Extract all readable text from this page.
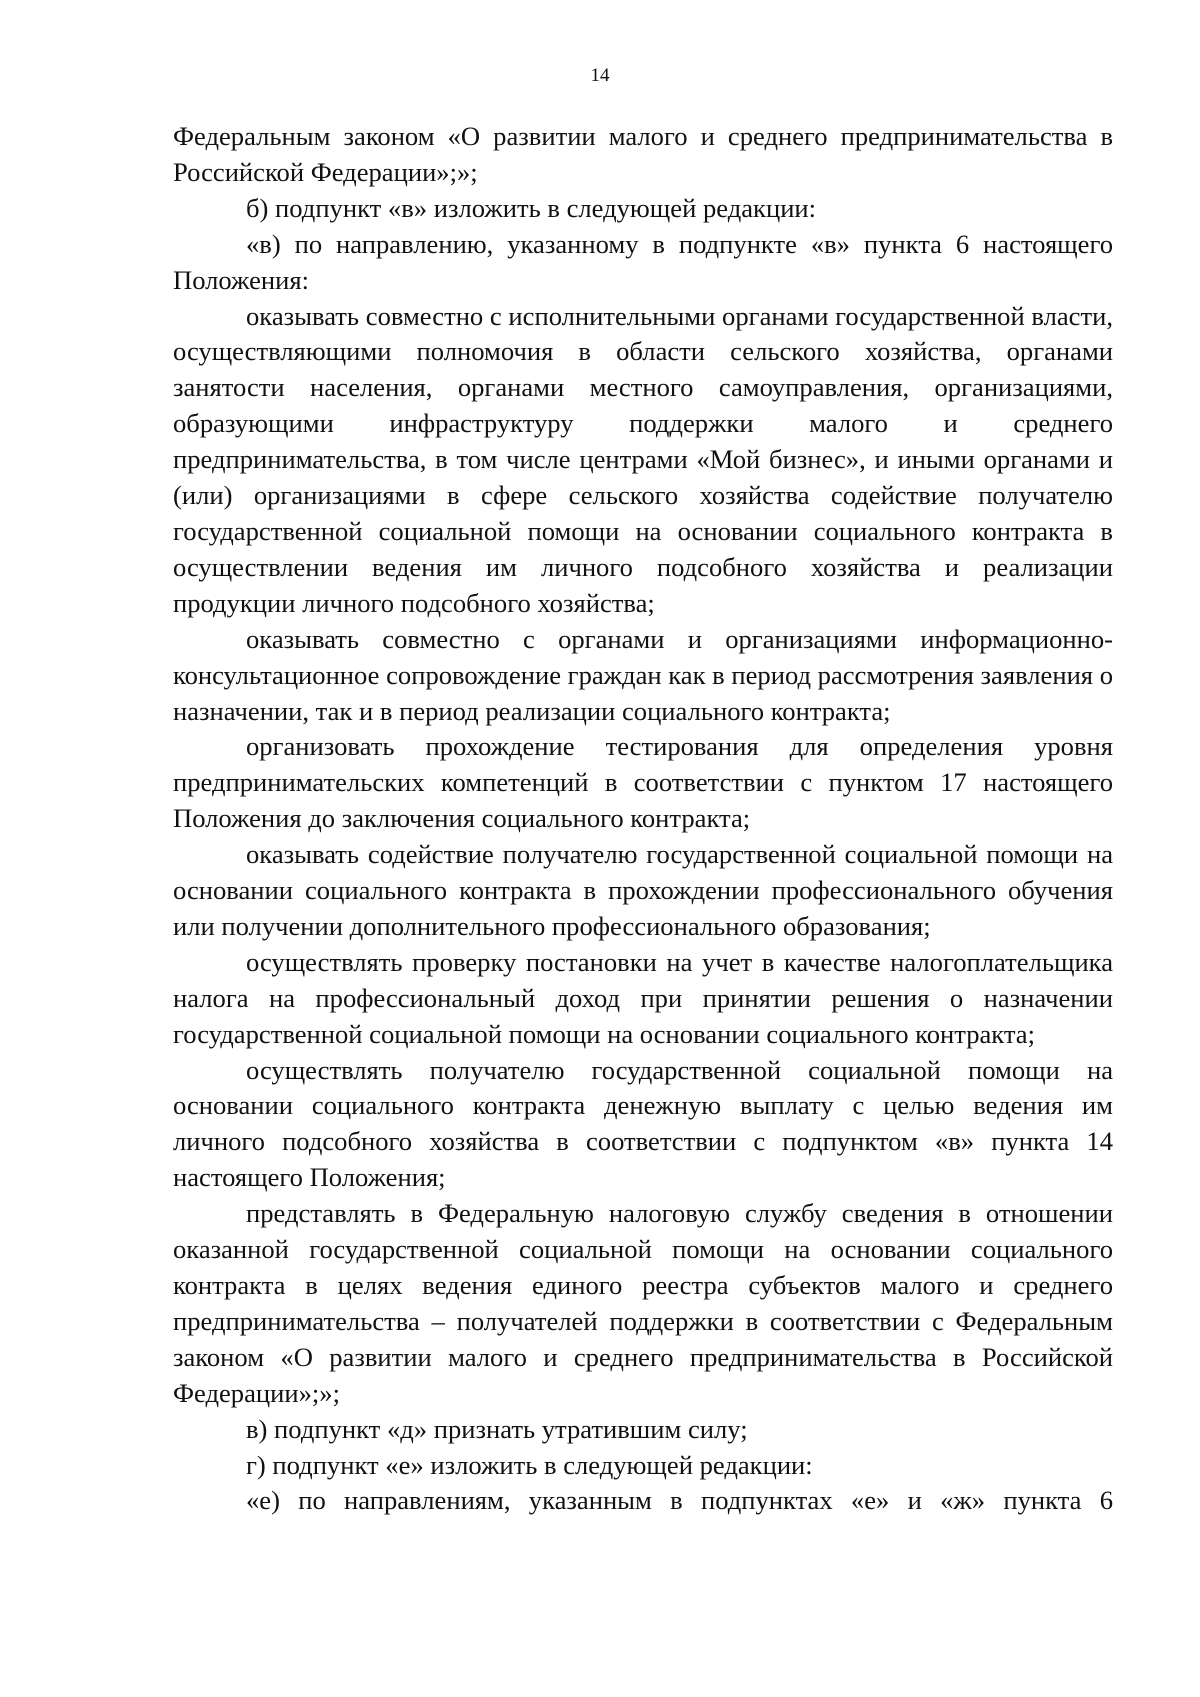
14

Федеральным законом «О развитии малого и среднего предпринимательства в Российской Федерации»;»;

б) подпункт «в» изложить в следующей редакции:

«в) по направлению, указанному в подпункте «в» пункта 6 настоящего Положения:

оказывать совместно с исполнительными органами государственной власти, осуществляющими полномочия в области сельского хозяйства, органами занятости населения, органами местного самоуправления, организациями, образующими инфраструктуру поддержки малого и среднего предпринимательства, в том числе центрами «Мой бизнес», и иными органами и (или) организациями в сфере сельского хозяйства содействие получателю государственной социальной помощи на основании социального контракта в осуществлении ведения им личного подсобного хозяйства и реализации продукции личного подсобного хозяйства;

оказывать совместно с органами и организациями информационно-консультационное сопровождение граждан как в период рассмотрения заявления о назначении, так и в период реализации социального контракта;

организовать прохождение тестирования для определения уровня предпринимательских компетенций в соответствии с пунктом 17 настоящего Положения до заключения социального контракта;

оказывать содействие получателю государственной социальной помощи на основании социального контракта в прохождении профессионального обучения или получении дополнительного профессионального образования;

осуществлять проверку постановки на учет в качестве налогоплательщика налога на профессиональный доход при принятии решения о назначении государственной социальной помощи на основании социального контракта;

осуществлять получателю государственной социальной помощи на основании социального контракта денежную выплату с целью ведения им личного подсобного хозяйства в соответствии с подпунктом «в» пункта 14 настоящего Положения;

представлять в Федеральную налоговую службу сведения в отношении оказанной государственной социальной помощи на основании социального контракта в целях ведения единого реестра субъектов малого и среднего предпринимательства – получателей поддержки в соответствии с Федеральным законом «О развитии малого и среднего предпринимательства в Российской Федерации»;»;

в) подпункт «д» признать утратившим силу;

г) подпункт «е» изложить в следующей редакции:

«е) по направлениям, указанным в подпунктах «е» и «ж» пункта 6
